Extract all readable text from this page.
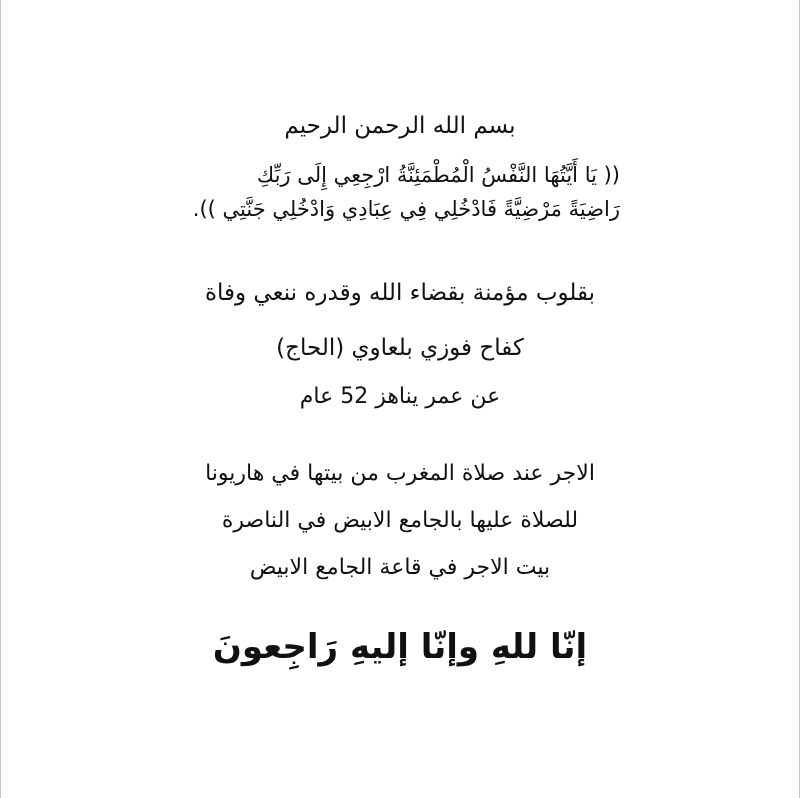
بسم الله الرحمن الرحيم
(( يَا أَيَّتُهَا النَّفْسُ الْمُطْمَئِنَّةُ ارْجِعِي إِلَى رَبِّكِ
رَاضِيَةً مَرْضِيَّةً فَادْخُلِي فِي عِبَادِي وَادْخُلِي جَنَّتِي )).
بقلوب مؤمنة بقضاء الله وقدره ننعي وفاة
كفاح فوزي بلعاوي (الحاج)
عن عمر يناهز 52 عام
الاجر عند صلاة المغرب من بيتها في هاريونا
للصلاة عليها بالجامع الابيض في الناصرة
بيت الاجر في قاعة الجامع الابيض
إنّا للهِ وإنّا إليهِ رَاجِعونَ
